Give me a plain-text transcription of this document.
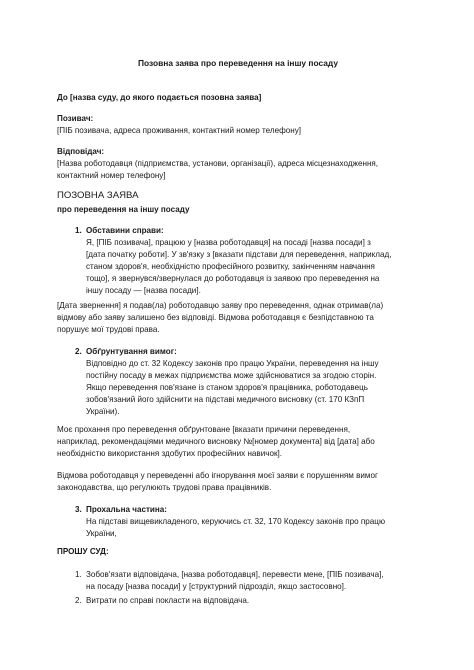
Позовна заява про переведення на іншу посаду
До [назва суду, до якого подається позовна заява]
Позивач:
[ПІБ позивача, адреса проживання, контактний номер телефону]
Відповідач:
[Назва роботодавця (підприємства, установи, організації), адреса місцезнаходження,
контактний номер телефону]
ПОЗОВНА ЗАЯВА
про переведення на іншу посаду
1. Обставини справи:

Я, [ПІБ позивача], працюю у [назва роботодавця] на посаді [назва посади] з

[дата початку роботи]. У зв'язку з [вказати підстави для переведення, наприклад,

станом здоров'я, необхідністю професійного розвитку, закінченням навчання

тощо], я звернувся/звернулася до роботодавця із заявою про переведення на

іншу посаду — [назва посади].

[Дата звернення] я подав(ла) роботодавцю заяву про переведення, однак отримав(ла)

відмову або заяву залишено без відповіді. Відмова роботодавця є безпідставною та

порушує мої трудові права.

2. Обґрунтування вимог:

Відповідно до ст. 32 Кодексу законів про працю України, переведення на іншу

постійну посаду в межах підприємства може здійснюватися за згодою сторін.

Якщо переведення пов'язане із станом здоров'я працівника, роботодавець

зобов'язаний його здійснити на підставі медичного висновку (ст. 170 КЗпП

України).

Моє прохання про переведення обґрунтоване [вказати причини переведення,

наприклад, рекомендаціями медичного висновку №[номер документа] від [дата] або

необхідністю використання здобутих професійних навичок].

Відмова роботодавця у переведенні або ігнорування моєї заяви є порушенням вимог

законодавства, що регулюють трудові права працівників.

3. Прохальна частина:

На підставі вищевикладеного, керуючись ст. 32, 170 Кодексу законів про працю

України,

ПРОШУ СУД:
1. Зобов'язати відповідача, [назва роботодавця], перевести мене, [ПІБ позивача],

на посаду [назва посади] у [структурний підрозділ, якщо застосовно].

2. Витрати по справі покласти на відповідача.
